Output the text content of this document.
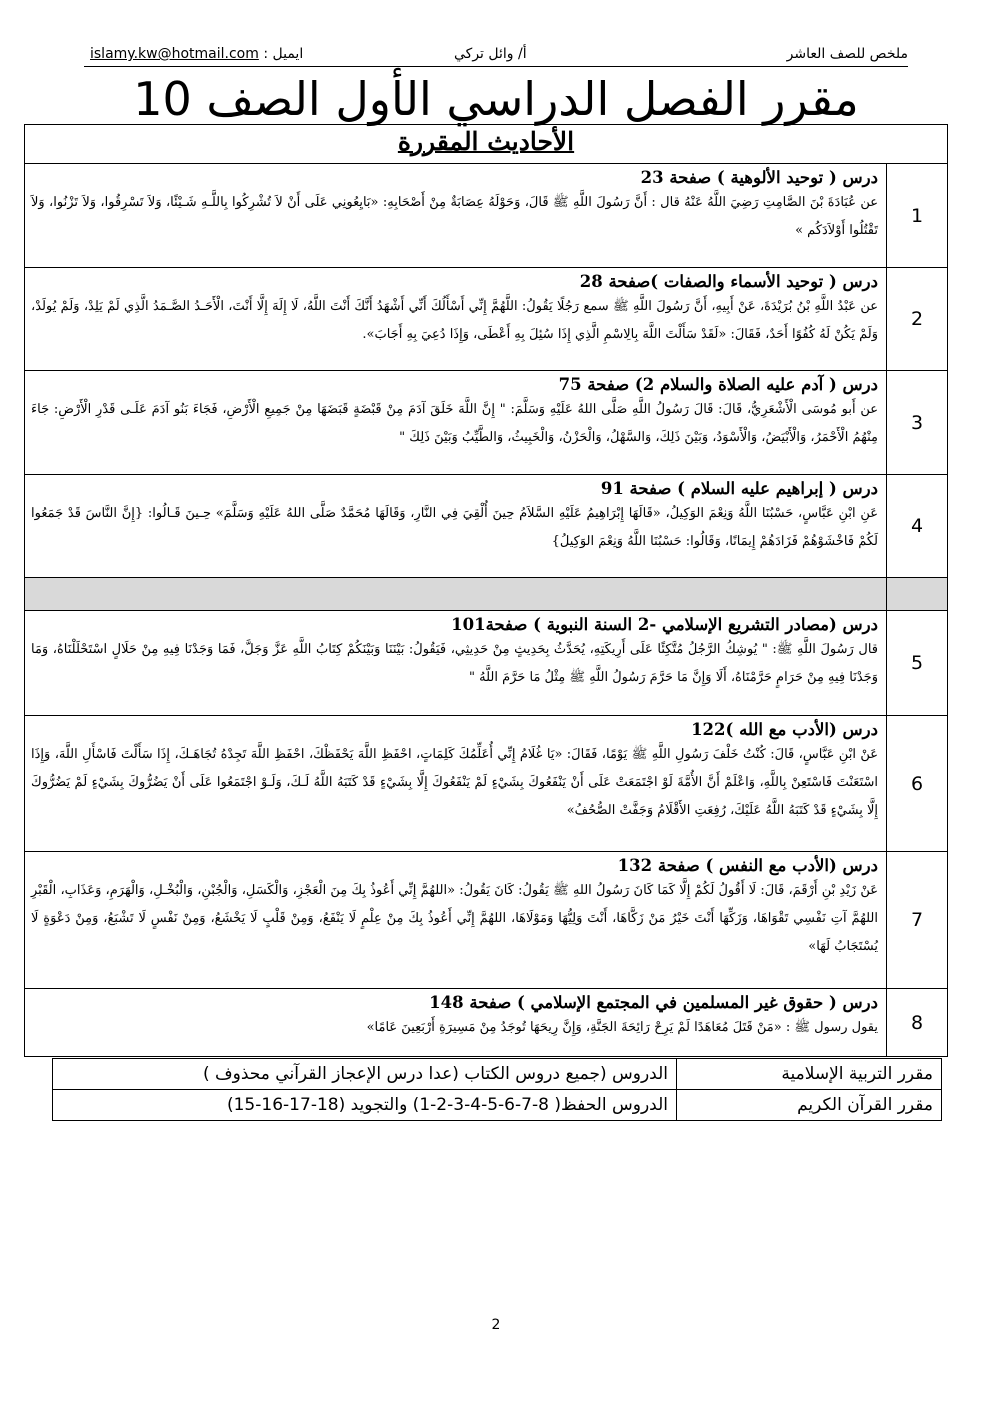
ملخص للصف العاشر
أ/ وائل تركي
ايميل : islamy.kw@hotmail.com
مقرر الفصل الدراسي الأول الصف 10
الأحاديث المقررة	
1	درس ( توحيد الألوهية ) صفحة 23
عن عُبَادَةَ بْنَ الصَّامِتِ رَضِيَ اللَّهُ عَنْهُ قال : أَنَّ رَسُولَ اللَّهِ ﷺ قَالَ، وَحَوْلَهُ عِصَابَةٌ مِنْ أَصْحَابِهِ: «بَايِعُونِي عَلَى أَنْ لاَ تُشْرِكُوا بِاللَّـهِ شَـيْئًا، وَلاَ تَسْرِقُوا، وَلاَ تَزْنُوا، وَلاَ تَقْتُلُوا أَوْلاَدَكُم »

2	درس ( توحيد الأسماء والصفات )صفحة 28
عن عَبْدُ اللَّهِ بْنُ بُرَيْدَةَ، عَنْ أَبِيهِ، أَنَّ رَسُولَ اللَّهِ ﷺ سمع رَجُلًا يَقُولُ: اللَّهُمَّ إِنِّي أَسْأَلُكَ أَنِّي أَشْهَدُ أَنَّكَ أَنْتَ اللَّهُ، لَا إِلَهَ إِلَّا أَنْتَ، الْأَحَـدُ الصَّـمَدُ الَّذِي لَمْ يَلِدْ، وَلَمْ يُولَدْ، وَلَمْ يَكُنْ لَهُ كُفُوًا أَحَدٌ، فَقَالَ: «لَقَدْ سَأَلْتَ اللَّهَ بِالِاسْمِ الَّذِي إِذَا سُئِلَ بِهِ أَعْطَى، وَإِذَا دُعِيَ بِهِ أَجَابَ».

3	درس ( آدم عليه الصلاة والسلام 2) صفحة 75
عن أَبو مُوسَى الْأَشْعَرِيُّ، قَالَ: قَالَ رَسُولُ اللَّهِ صَلَّى اللهُ عَلَيْهِ وَسَلَّمَ: " إِنَّ اللَّهَ خَلَقَ آدَمَ مِنْ قَبْضَةٍ قَبَضَهَا مِنْ جَمِيعِ الْأَرْضِ، فَجَاءَ بَنُو آدَمَ عَلَـى قَدْرِ الْأَرْضِ: جَاءَ مِنْهُمُ الْأَحْمَرُ، وَالْأَبْيَضُ، وَالْأَسْوَدُ، وَبَيْنَ ذَلِكَ، وَالسَّهْلُ، وَالْحَزْنُ، وَالْخَبِيثُ، وَالطَّيِّبُ وَبَيْنَ ذَلِكَ "

4	درس ( إبراهيم عليه السلام ) صفحة 91
عَنِ ابْنِ عَبَّاسٍ، حَسْبُنَا اللَّهُ وَنِعْمَ الوَكِيلُ، «قَالَهَا إِبْرَاهِيمُ عَلَيْهِ السَّلاَمُ حِينَ أُلْقِيَ فِي النَّارِ، وَقَالَهَا مُحَمَّدٌ صَلَّى اللهُ عَلَيْهِ وَسَلَّمَ» حِـينَ قَـالُوا: {إِنَّ النَّاسَ قَدْ جَمَعُوا لَكُمْ فَاخْشَوْهُمْ فَزَادَهُمْ إِيمَانًا، وَقَالُوا: حَسْبُنَا اللَّهُ وَنِعْمَ الوَكِيلُ}

5	درس (مصادر التشريع الإسلامي -2 السنة النبوية ) صفحة101
قال رَسُولَ اللَّهِ ﷺ: " يُوشِكُ الرَّجُلُ مُتَّكِئًا عَلَى أَرِيكَتِهِ، يُحَدَّثُ بِحَدِيثٍ مِنْ حَدِيثِي، فَيَقُولُ: بَيْنَنَا وَبَيْنَكُمْ كِتَابُ اللَّهِ عَزَّ وَجَلَّ، فَمَا وَجَدْنَا فِيهِ مِنْ حَلَالٍ اسْتَحْلَلْنَاهُ، وَمَا وَجَدْنَا فِيهِ مِنْ حَرَامٍ حَرَّمْنَاهُ، أَلَا وَإِنَّ مَا حَرَّمَ رَسُولُ اللَّهِ ﷺ مِثْلُ مَا حَرَّمَ اللَّهُ "

6	درس (الأدب مع الله )122
عَنْ ابْنِ عَبَّاسٍ، قَالَ: كُنْتُ خَلْفَ رَسُولِ اللَّهِ ﷺ يَوْمًا، فَقَالَ: «يَا غُلَامُ إِنِّي أُعَلِّمُكَ كَلِمَاتٍ، احْفَظِ اللَّهَ يَحْفَظْكَ، احْفَظِ اللَّهَ تَجِدْهُ تُجَاهَـكَ، إِذَا سَأَلْتَ فَاسْأَلِ اللَّهَ، وَإِذَا اسْتَعَنْتَ فَاسْتَعِنْ بِاللَّهِ، وَاعْلَمْ أَنَّ الأُمَّةَ لَوْ اجْتَمَعَتْ عَلَى أَنْ يَنْفَعُوكَ بِشَيْءٍ لَمْ يَنْفَعُوكَ إِلَّا بِشَيْءٍ قَدْ كَتَبَهُ اللَّهُ لَـكَ، وَلَـوْ اجْتَمَعُوا عَلَى أَنْ يَضُرُّوكَ بِشَيْءٍ لَمْ يَضُرُّوكَ إِلَّا بِشَيْءٍ قَدْ كَتَبَهُ اللَّهُ عَلَيْكَ، رُفِعَتِ الأَقْلَامُ وَجَفَّتْ الصُّحُفُ»

7	درس (الأدب مع النفس ) صفحة 132
عَنْ زَيْدِ بْنِ أَرْقَمَ، قَالَ: لَا أَقُولُ لَكُمْ إِلَّا كَمَا كَانَ رَسُولُ اللهِ ﷺ يَقُولُ: كَانَ يَقُولُ: «اللهُمَّ إِنِّي أَعُوذُ بِكَ مِنَ الْعَجْزِ، وَالْكَسَلِ، وَالْجُبْنِ، وَالْبُخْـلِ، وَالْهَرَمِ، وَعَذَابِ، الْقَبْرِ اللهُمَّ آتِ نَفْسِي تَقْوَاهَا، وَزَكِّهَا أَنْتَ خَيْرُ مَنْ زَكَّاهَا، أَنْتَ وَلِيُّهَا وَمَوْلَاهَا، اللهُمَّ إِنِّي أَعُوذُ بِكَ مِنْ عِلْمٍ لَا يَنْفَعُ، وَمِنْ قَلْبٍ لَا يَخْشَعُ، وَمِنْ نَفْسٍ لَا تَشْبَعُ، وَمِنْ دَعْوَةٍ لَا يُسْتَجَابُ لَهَا»

8	درس ( حقوق غير المسلمين في المجتمع الإسلامي ) صفحة 148
يقول رسول ﷺ : «مَنْ قَتَلَ مُعَاهَدًا لَمْ يَرِحْ رَائِحَةَ الجَنَّةِ، وَإِنَّ رِيحَهَا تُوجَدُ مِنْ مَسِيرَةِ أَرْبَعِينَ عَامًا»
مقرر التربية الإسلامية	الدروس (جميع دروس الكتاب (عدا درس الإعجاز القرآني محذوف )
مقرر القرآن الكريم	الدروس الحفظ( 8-7-6-5-4-3-2-1) والتجويد (18-17-16-15)
2
